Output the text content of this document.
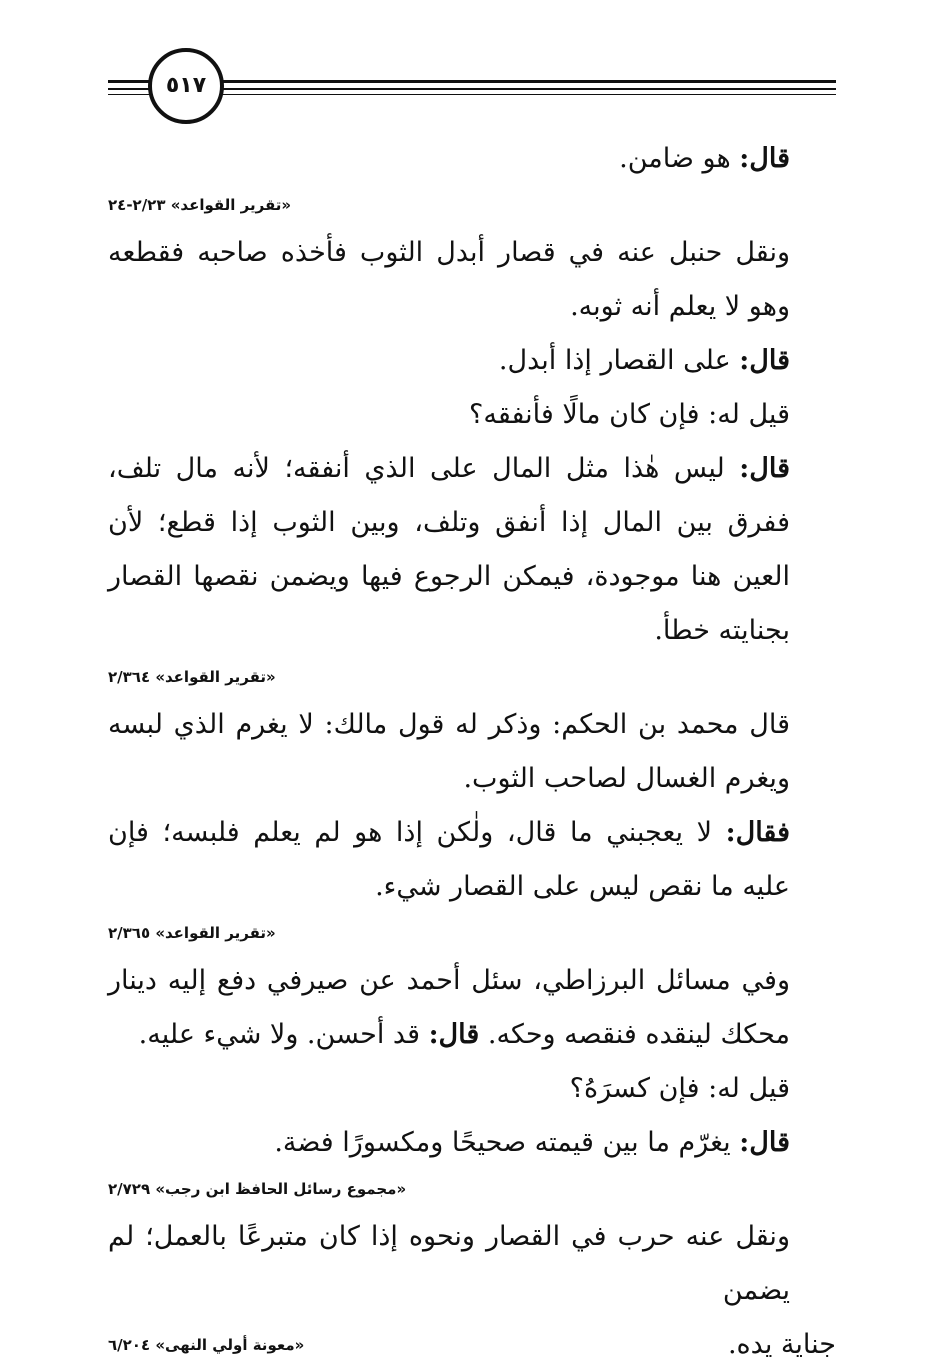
٥١٧

قال: هو ضامن.

«تقرير القواعد» ٢/٢٣-٢٤

ونقل حنبل عنه في قصار أبدل الثوب فأخذه صاحبه فقطعه وهو لا يعلم أنه ثوبه.

قال: على القصار إذا أبدل.

قيل له: فإن كان مالًا فأنفقه؟

قال: ليس هٰذا مثل المال على الذي أنفقه؛ لأنه مال تلف، ففرق بين المال إذا أنفق وتلف، وبين الثوب إذا قطع؛ لأن العين هنا موجودة، فيمكن الرجوع فيها ويضمن نقصها القصار بجنايته خطأ.

«تقرير القواعد» ٢/٣٦٤

قال محمد بن الحكم: وذكر له قول مالك: لا يغرم الذي لبسه ويغرم الغسال لصاحب الثوب.

فقال: لا يعجبني ما قال، ولٰكن إذا هو لم يعلم فلبسه؛ فإن عليه ما نقص ليس على القصار شيء.

«تقرير القواعد» ٢/٣٦٥

وفي مسائل البرزاطي، سئل أحمد عن صيرفي دفع إليه دينار محكك لينقده فنقصه وحكه. قال: قد أحسن. ولا شيء عليه.

قيل له: فإن كسرَهُ؟

قال: يغرّم ما بين قيمته صحيحًا ومكسورًا فضة.

«مجموع رسائل الحافظ ابن رجب» ٢/٧٢٩

ونقل عنه حرب في القصار ونحوه إذا كان متبرعًا بالعمل؛ لم يضمن

جناية يده.
«معونة أولي النهى» ٦/٢٠٤
